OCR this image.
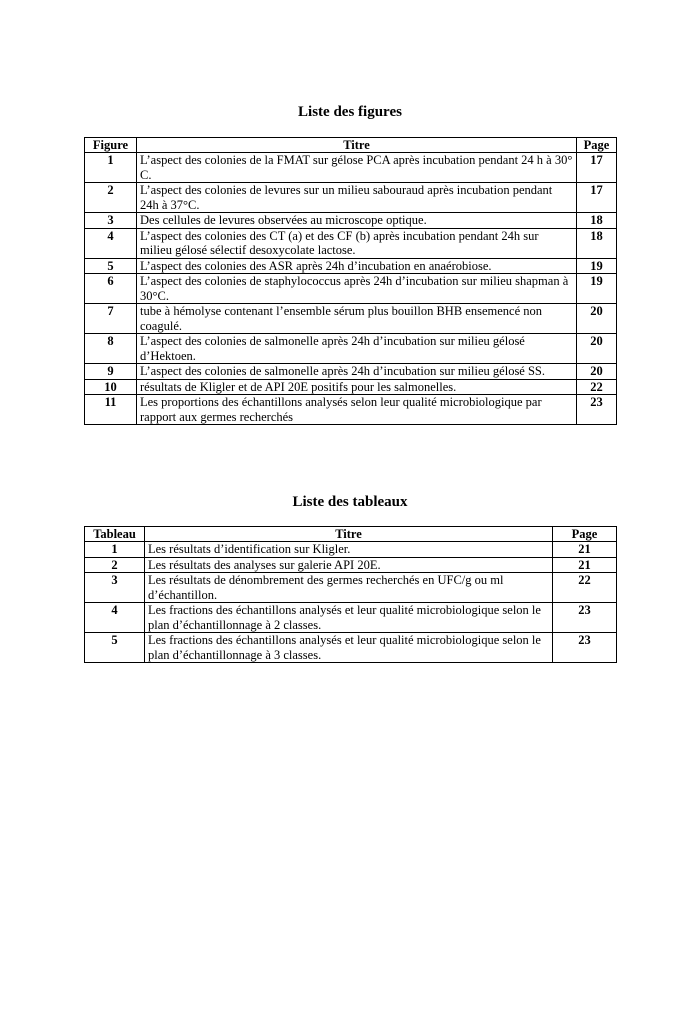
Liste des figures
Figure	Titre	Page
1	L’aspect des colonies de la FMAT sur gélose PCA après incubation pendant 24 h à 30° C.	17
2	L’aspect des colonies de levures sur un milieu sabouraud après incubation pendant 24h à 37°C.	17
3	Des cellules de levures observées au microscope optique.	18
4	L’aspect des colonies des CT (a) et des CF (b) après incubation pendant 24h sur milieu gélosé sélectif desoxycolate lactose.	18
5	L’aspect des colonies des ASR après 24h d’incubation en anaérobiose.	19
6	L’aspect des colonies de staphylococcus après 24h d’incubation sur milieu shapman à 30°C.	19
7	tube à hémolyse contenant l’ensemble sérum plus bouillon BHB ensemencé non coagulé.	20
8	L’aspect des colonies de salmonelle après 24h d’incubation sur milieu gélosé d’Hektoen.	20
9	L’aspect des colonies de salmonelle après 24h d’incubation sur milieu gélosé SS.	20
10	résultats de Kligler et de API 20E positifs pour les salmonelles.	22
11	Les proportions des échantillons analysés selon leur qualité microbiologique par rapport aux germes recherchés	23
Liste des tableaux
Tableau	Titre	Page
1	Les résultats d’identification sur Kligler.	21
2	Les résultats des analyses sur galerie API 20E.	21
3	Les résultats de dénombrement des germes recherchés en UFC/g ou ml d’échantillon.	22
4	Les fractions des échantillons analysés et leur qualité microbiologique selon le plan d’échantillonnage à 2 classes.	23
5	Les fractions des échantillons analysés et leur qualité microbiologique selon le plan d’échantillonnage à 3 classes.	23
